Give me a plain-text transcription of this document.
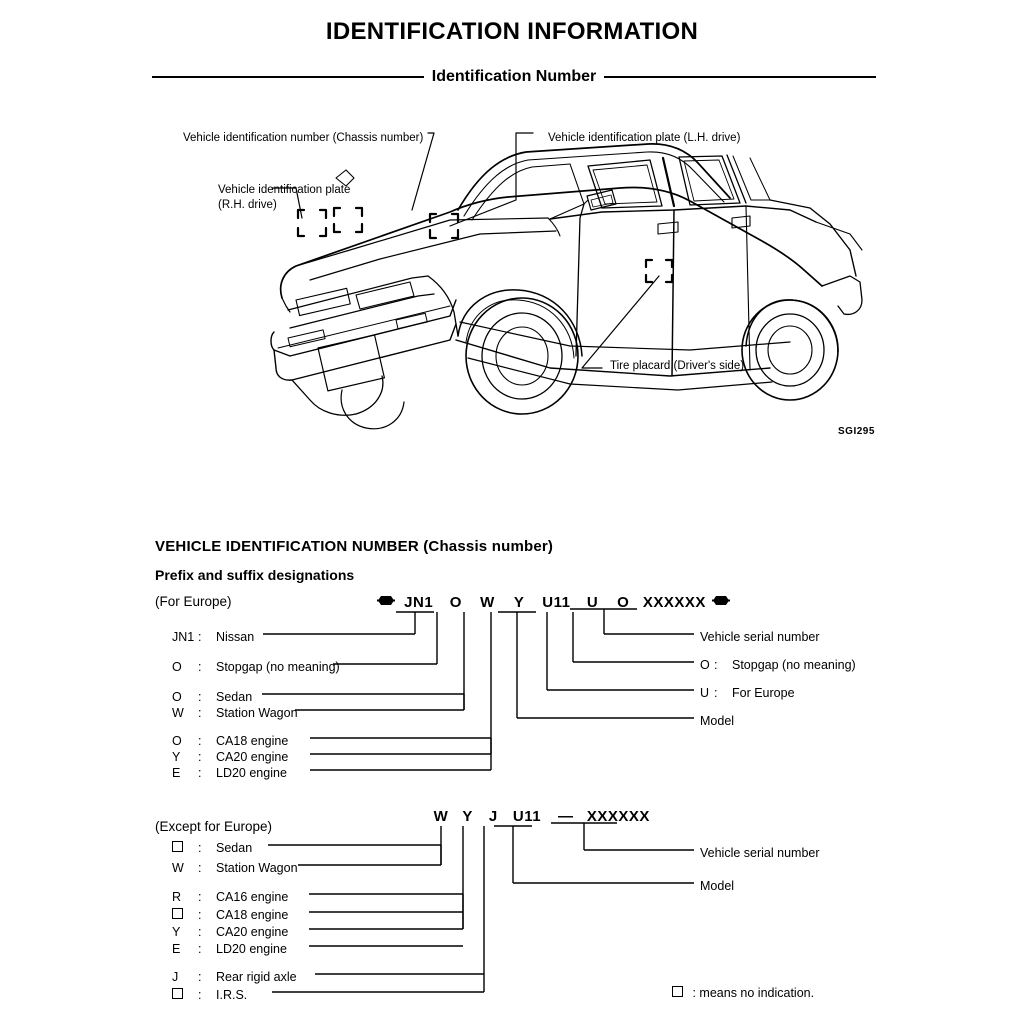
IDENTIFICATION INFORMATION
Identification Number
Vehicle identification number (Chassis number)
Vehicle identification plate
(R.H. drive)
Vehicle identification plate (L.H. drive)
Tire placard (Driver's side)
SGI295
VEHICLE IDENTIFICATION NUMBER (Chassis number)
Prefix and suffix designations
(For Europe)	JN1 O W Y U11 U O XXXXXX
JN1 : Nissan
O : Stopgap (no meaning)
O : Sedan
W : Station Wagon
O : CA18 engine
Y : CA20 engine
E : LD20 engine
Vehicle serial number
O : Stopgap (no meaning)
U : For Europe
Model
(Except for Europe)
W Y J U11 — XXXXXX
: Sedan
W : Station Wagon
R : CA16 engine
: CA18 engine
Y : CA20 engine
E : LD20 engine
J : Rear rigid axle
: I.R.S.
Vehicle serial number
Model
: means no indication.
